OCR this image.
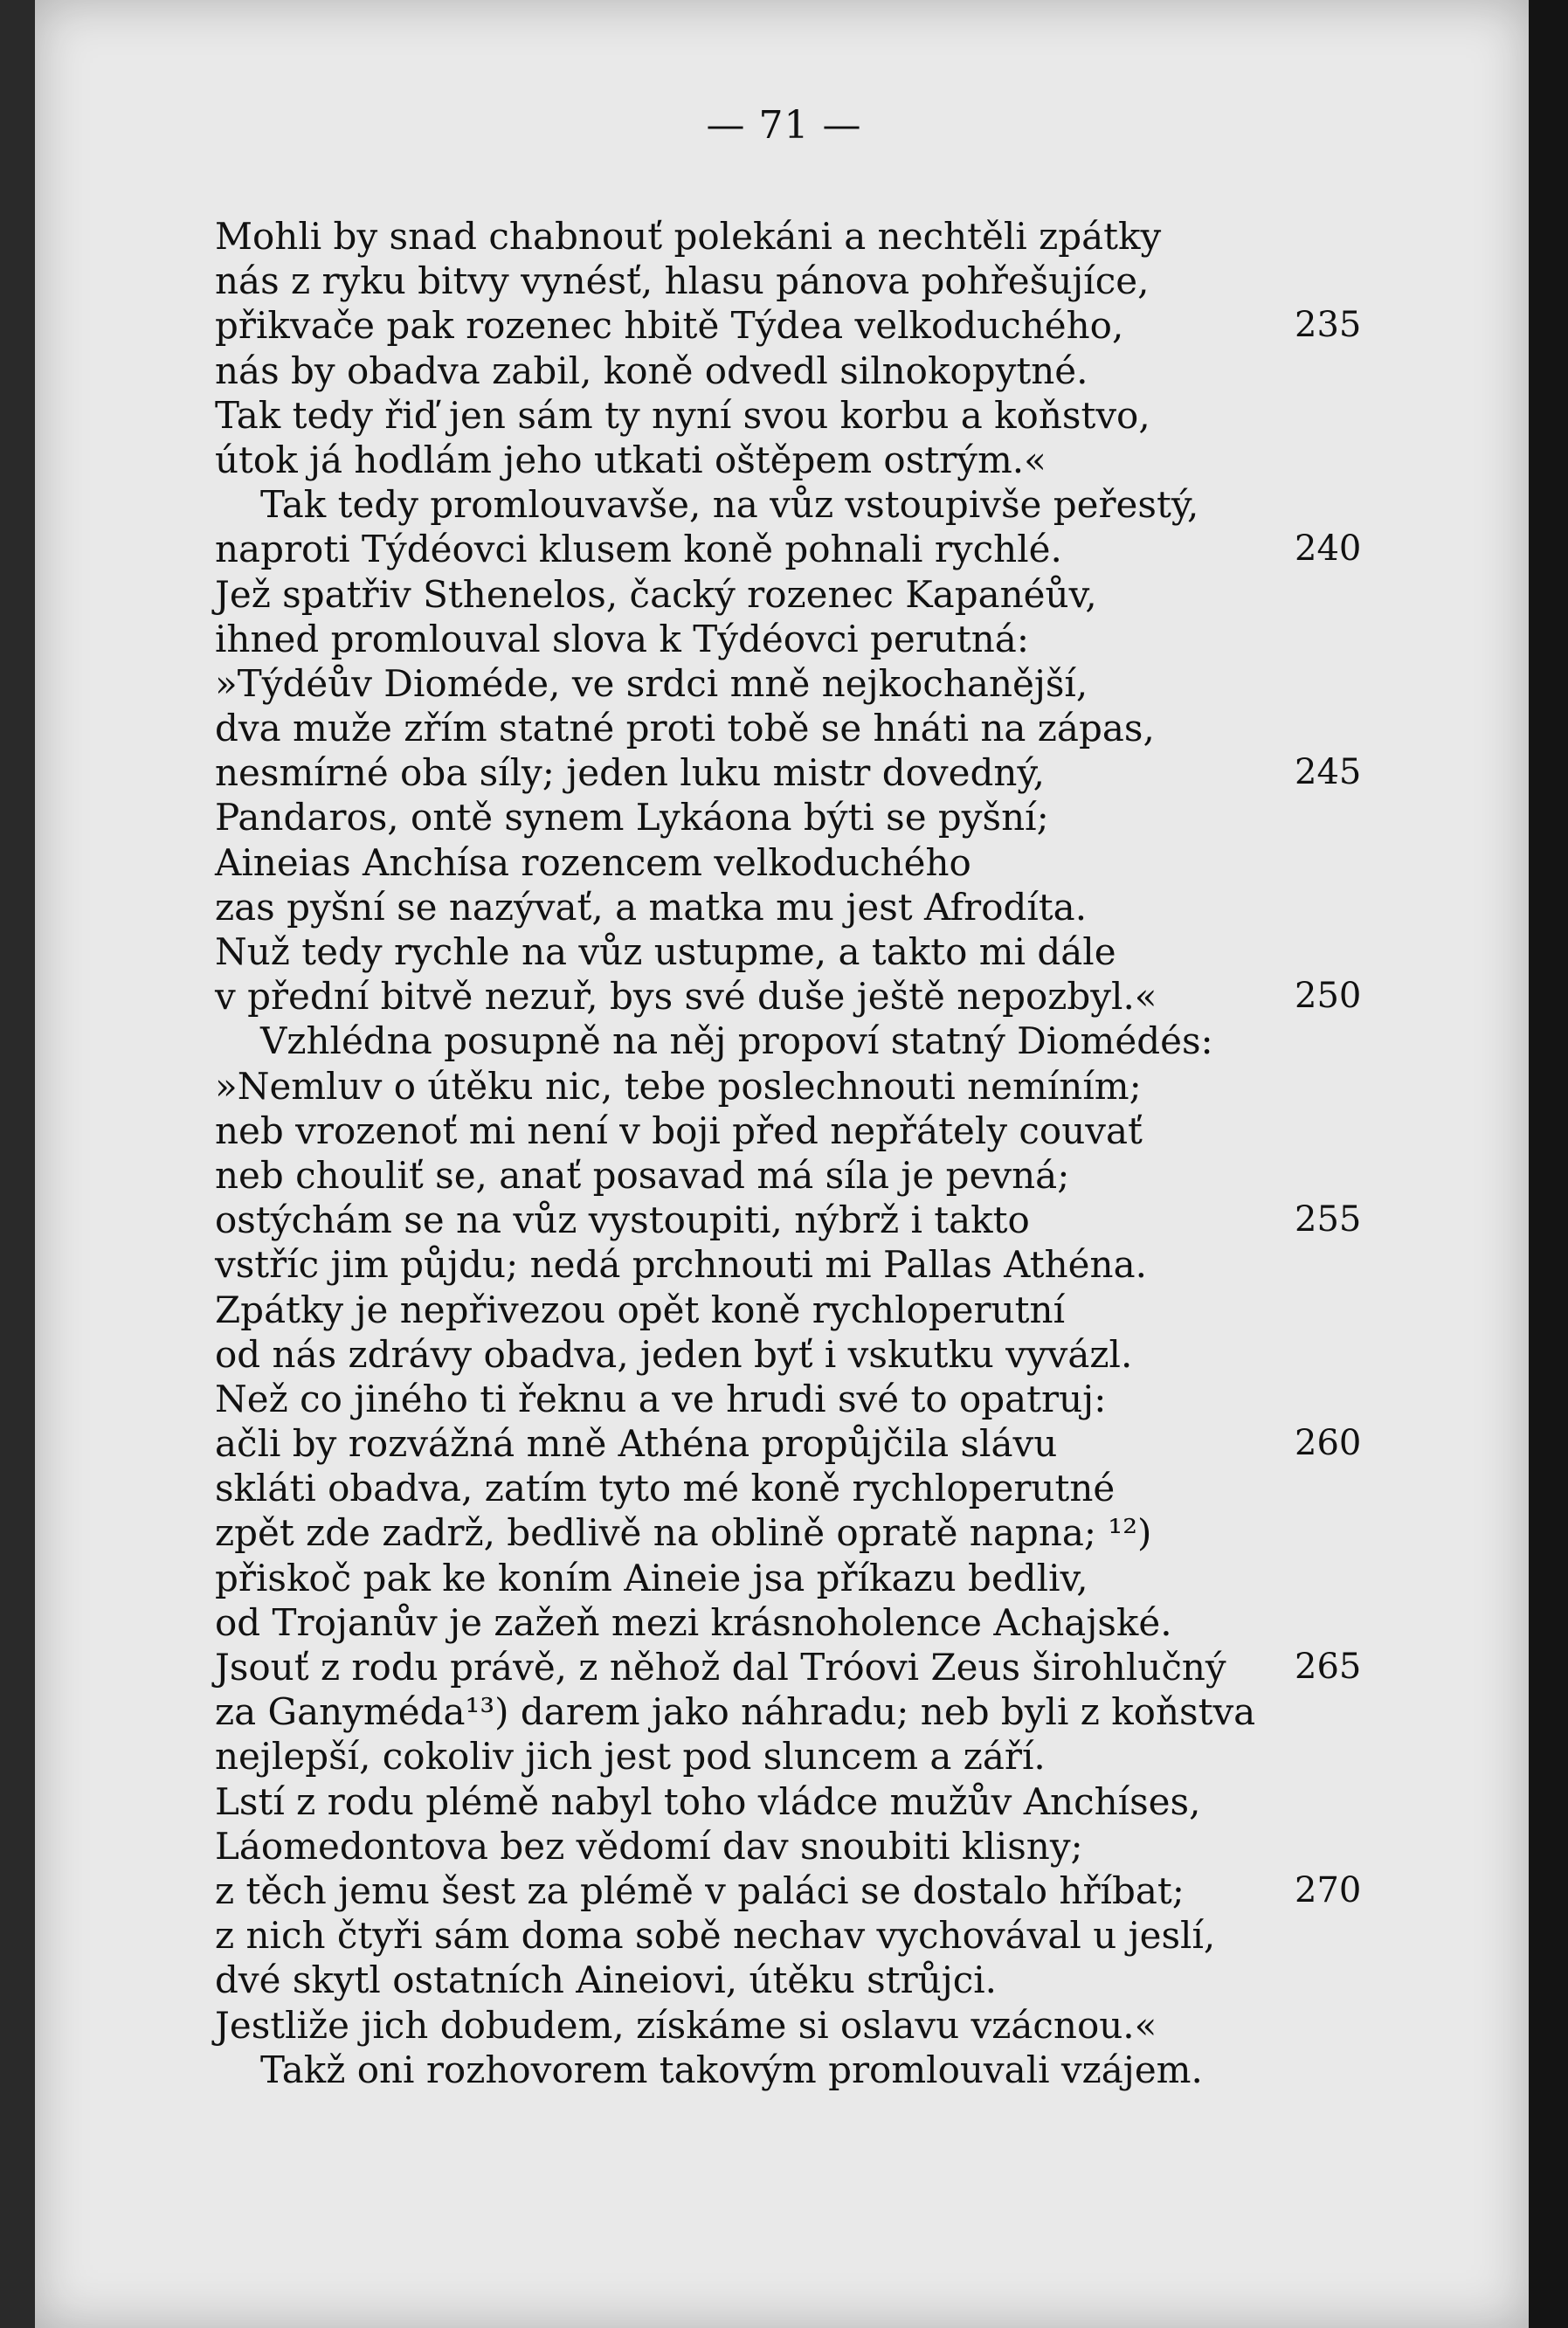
— 71 —
Mohli by snad chabnouť polekáni a nechtěli zpátky
nás z ryku bitvy vynésť, hlasu pánova pohřešujíce,
přikvače pak rozenec hbitě Týdea velkoduchého,	235
nás by obadva zabil, koně odvedl silnokopytné.
Tak tedy řiď jen sám ty nyní svou korbu a koňstvo,
útok já hodlám jeho utkati oštěpem ostrým.«
Tak tedy promlouvavše, na vůz vstoupivše peřestý,
naproti Týdéovci klusem koně pohnali rychlé.	240
Jež spatřiv Sthenelos, čacký rozenec Kapanéův,
ihned promlouval slova k Týdéovci perutná:
»Týdéův Dioméde, ve srdci mně nejkochanější,
dva muže zřím statné proti tobě se hnáti na zápas,
nesmírné oba síly; jeden luku mistr dovedný,	245
Pandaros, ontě synem Lykáona býti se pyšní;
Aineias Anchísa rozencem velkoduchého
zas pyšní se nazývať, a matka mu jest Afrodíta.
Nuž tedy rychle na vůz ustupme, a takto mi dále
v přední bitvě nezuř, bys své duše ještě nepozbyl.«	250
Vzhlédna posupně na něj propoví statný Diomédés:
»Nemluv o útěku nic, tebe poslechnouti nemíním;
neb vrozenoť mi není v boji před nepřátely couvať
neb chouliť se, anať posavad má síla je pevná;
ostýchám se na vůz vystoupiti, nýbrž i takto	255
vstříc jim půjdu; nedá prchnouti mi Pallas Athéna.
Zpátky je nepřivezou opět koně rychloperutní
od nás zdrávy obadva, jeden byť i vskutku vyvázl.
Než co jiného ti řeknu a ve hrudi své to opatruj:
ačli by rozvážná mně Athéna propůjčila slávu	260
skláti obadva, zatím tyto mé koně rychloperutné
zpět zde zadrž, bedlivě na oblině opratě napna; ¹²)
přiskoč pak ke koním Aineie jsa příkazu bedliv,
od Trojanův je zažeň mezi krásnoholence Achajské.
Jsouť z rodu právě, z něhož dal Tróovi Zeus širohlučný 265
za Ganyméda¹³) darem jako náhradu; neb byli z koňstva
nejlepší, cokoliv jich jest pod sluncem a září.
Lstí z rodu plémě nabyl toho vládce mužův Anchíses,
Láomedontova bez vědomí dav snoubiti klisny;
z těch jemu šest za plémě v paláci se dostalo hříbat;	270
z nich čtyři sám doma sobě nechav vychovával u jeslí,
dvé skytl ostatních Aineiovi, útěku strůjci.
Jestliže jich dobudem, získáme si oslavu vzácnou.«
Takž oni rozhovorem takovým promlouvali vzájem.
